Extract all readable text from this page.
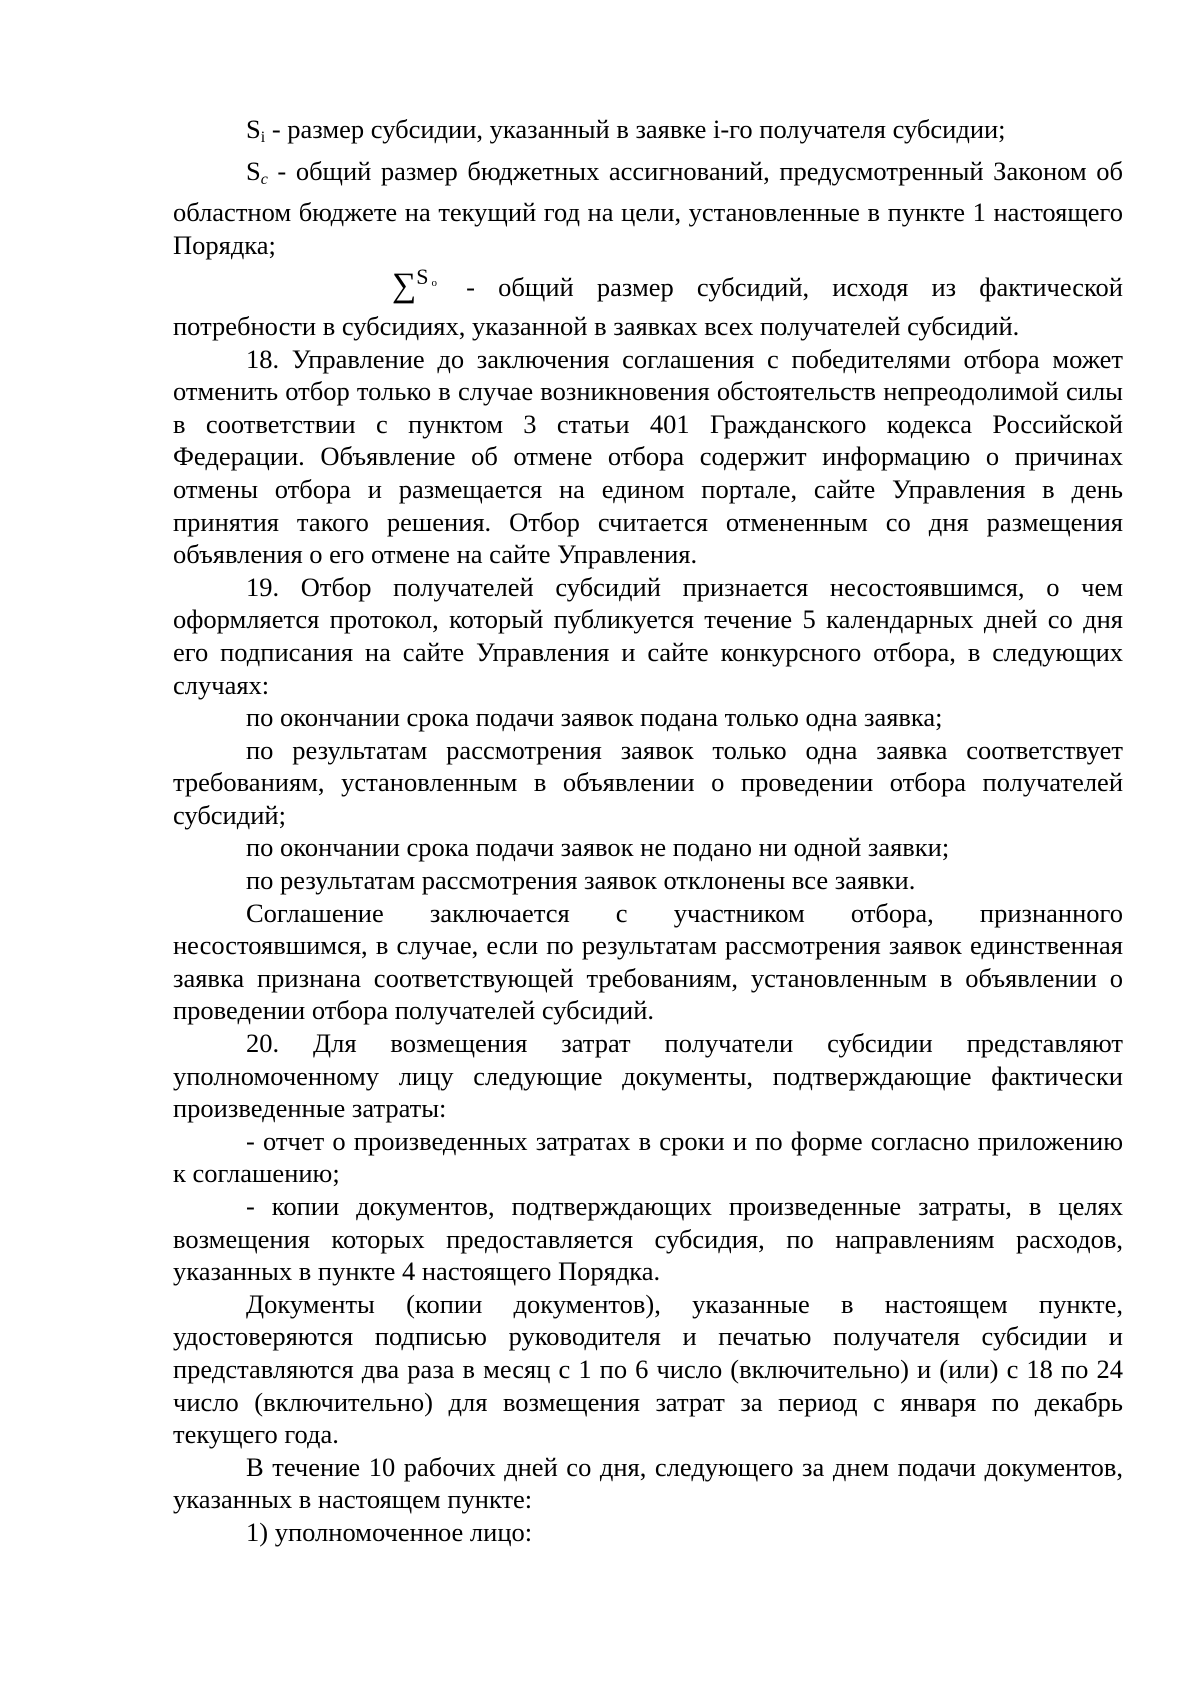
$S_i$ - размер субсидии, указанный в заявке i-го получателя субсидии;

$S_c$ - общий размер бюджетных ассигнований, предусмотренный Законом об областном бюджете на текущий год на цели, установленные в пункте 1 настоящего Порядка;

∑$^S$ $^o$ - общий размер субсидий, исходя из фактической потребности в субсидиях, указанной в заявках всех получателей субсидий.

18. Управление до заключения соглашения с победителями отбора может отменить отбор только в случае возникновения обстоятельств непреодолимой силы в соответствии с пунктом 3 статьи 401 Гражданского кодекса Российской Федерации. Объявление об отмене отбора содержит информацию о причинах отмены отбора и размещается на едином портале, сайте Управления в день принятия такого решения. Отбор считается отмененным со дня размещения объявления о его отмене на сайте Управления.

19. Отбор получателей субсидий признается несостоявшимся, о чем оформляется протокол, который публикуется течение 5 календарных дней со дня его подписания на сайте Управления и сайте конкурсного отбора, в следующих случаях:

по окончании срока подачи заявок подана только одна заявка;

по результатам рассмотрения заявок только одна заявка соответствует требованиям, установленным в объявлении о проведении отбора получателей субсидий;

по окончании срока подачи заявок не подано ни одной заявки;

по результатам рассмотрения заявок отклонены все заявки.

Соглашение заключается с участником отбора, признанного несостоявшимся, в случае, если по результатам рассмотрения заявок единственная заявка признана соответствующей требованиям, установленным в объявлении о проведении отбора получателей субсидий.

20. Для возмещения затрат получатели субсидии представляют уполномоченному лицу следующие документы, подтверждающие фактически произведенные затраты:

- отчет о произведенных затратах в сроки и по форме согласно приложению к соглашению;

- копии документов, подтверждающих произведенные затраты, в целях возмещения которых предоставляется субсидия, по направлениям расходов, указанных в пункте 4 настоящего Порядка.

Документы (копии документов), указанные в настоящем пункте, удостоверяются подписью руководителя и печатью получателя субсидии и представляются два раза в месяц с 1 по 6 число (включительно) и (или) с 18 по 24 число (включительно) для возмещения затрат за период с января по декабрь текущего года.

В течение 10 рабочих дней со дня, следующего за днем подачи документов, указанных в настоящем пункте:

1) уполномоченное лицо:
